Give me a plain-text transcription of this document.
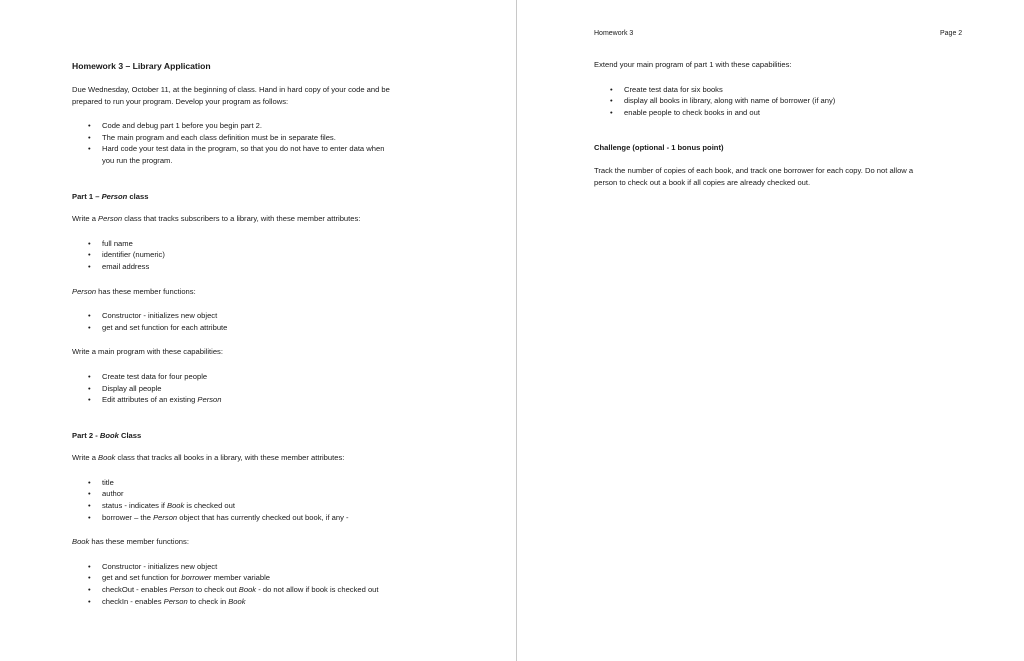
Homework 3 – Library Application

Due Wednesday, October 11, at the beginning of class. Hand in hard copy of your code and be

prepared to run your program. Develop your program as follows:

• Code and debug part 1 before you begin part 2.
• The main program and each class definition must be in separate files.
• Hard code your test data in the program, so that you do not have to enter data when
you run the program.
Part 1 – Person class

Write a Person class that tracks subscribers to a library, with these member attributes:

• full name
• identifier (numeric)
• email address

Person has these member functions:

• Constructor - initializes new object
• get and set function for each attribute

Write a main program with these capabilities:

• Create test data for four people
• Display all people
• Edit attributes of an existing Person
Part 2 - Book Class

Write a Book class that tracks all books in a library, with these member attributes:

• title
• author
• status - indicates if Book is checked out
• borrower – the Person object that has currently checked out book, if any -

Book has these member functions:

• Constructor - initializes new object
• get and set function for borrower member variable
• checkOut - enables Person to check out Book - do not allow if book is checked out
• checkIn - enables Person to check in Book
Homework 3	Page 2

Extend your main program of part 1 with these capabilities:

• Create test data for six books
• display all books in library, along with name of borrower (if any)
• enable people to check books in and out
Challenge (optional - 1 bonus point)

Track the number of copies of each book, and track one borrower for each copy. Do not allow a

person to check out a book if all copies are already checked out.
